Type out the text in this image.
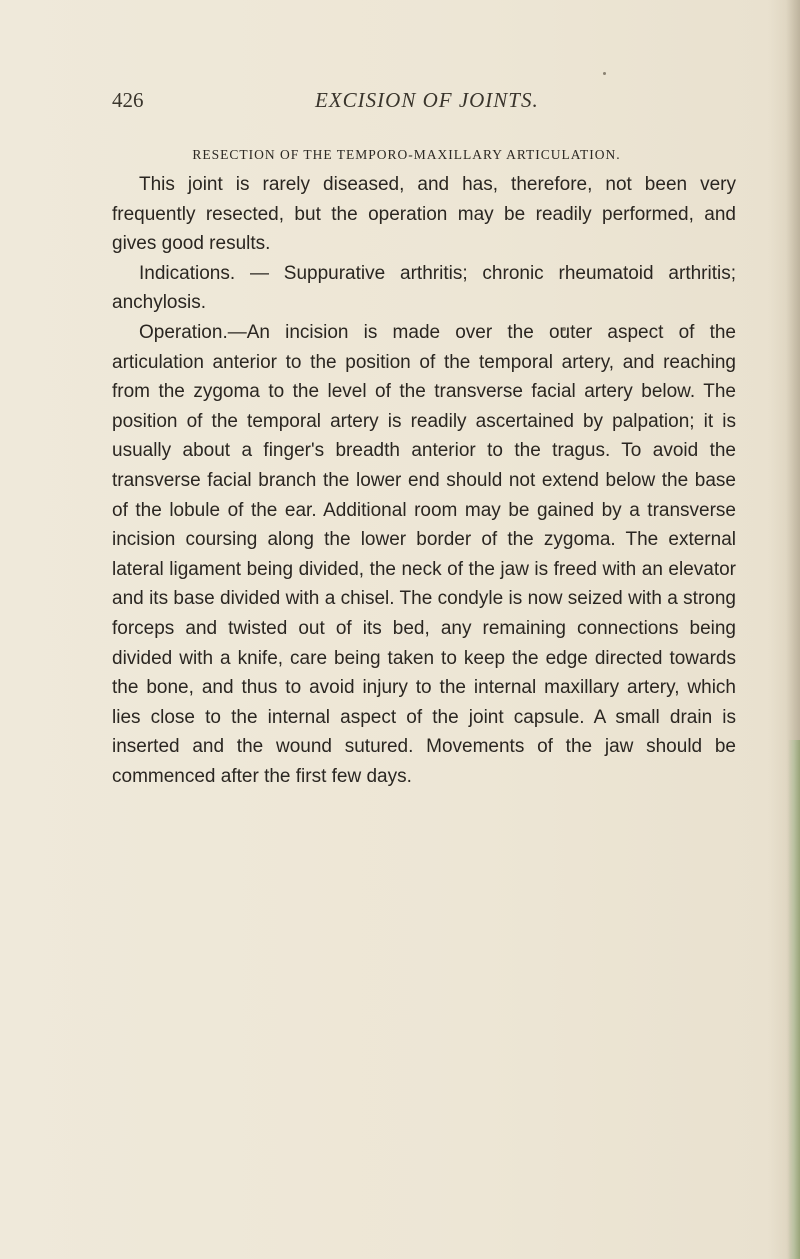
426	EXCISION OF JOINTS.
RESECTION OF THE TEMPORO-MAXILLARY ARTICULATION.

This joint is rarely diseased, and has, therefore, not been very frequently resected, but the operation may be readily performed, and gives good results.

Indications. — Suppurative arthritis; chronic rheumatoid arthritis; anchylosis.

Operation.—An incision is made over the outer aspect of the articulation anterior to the position of the temporal artery, and reaching from the zygoma to the level of the transverse facial artery below. The position of the temporal artery is readily ascertained by palpation; it is usually about a finger's breadth anterior to the tragus. To avoid the transverse facial branch the lower end should not extend below the base of the lobule of the ear. Additional room may be gained by a transverse incision coursing along the lower border of the zygoma. The external lateral ligament being divided, the neck of the jaw is freed with an elevator and its base divided with a chisel. The condyle is now seized with a strong forceps and twisted out of its bed, any remaining connections being divided with a knife, care being taken to keep the edge directed towards the bone, and thus to avoid injury to the internal maxillary artery, which lies close to the internal aspect of the joint capsule. A small drain is inserted and the wound sutured. Movements of the jaw should be commenced after the first few days.
